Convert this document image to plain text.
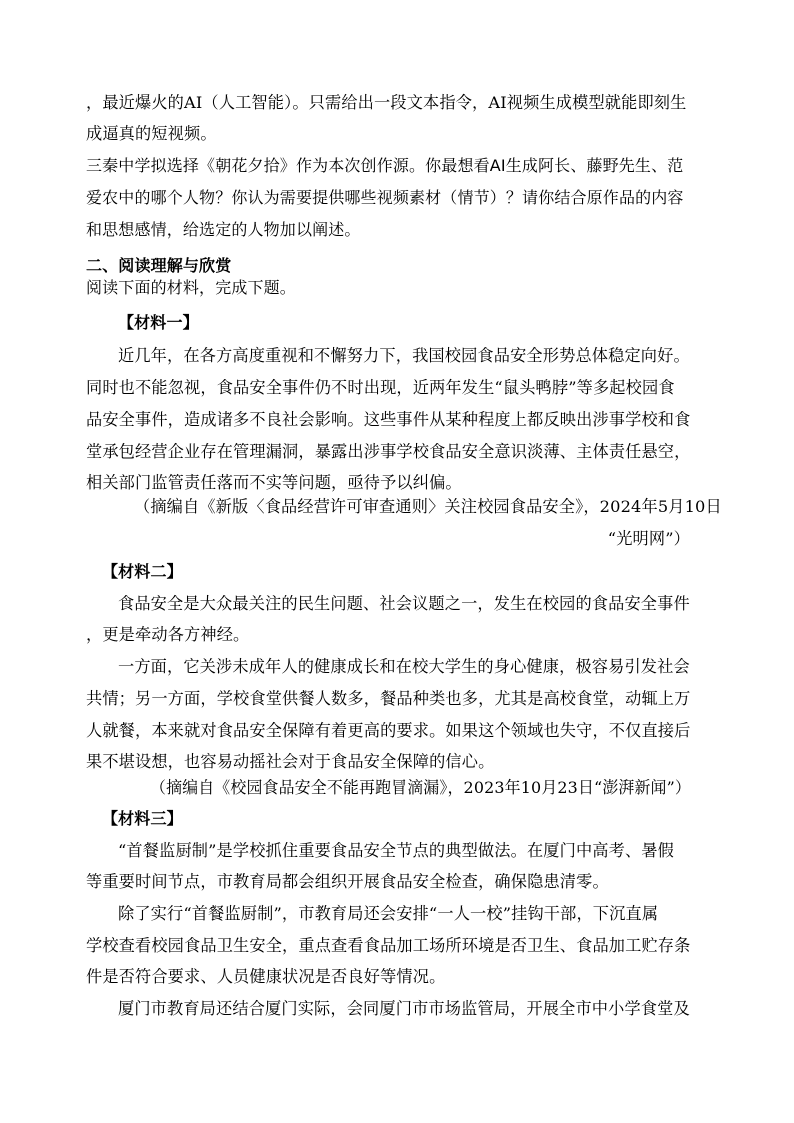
，最近爆火的AI（人工智能）。只需给出一段文本指令，AI视频生成模型就能即刻生
成逼真的短视频。
三秦中学拟选择《朝花夕拾》作为本次创作源。你最想看AI生成阿长、藤野先生、范
爱农中的哪个人物？你认为需要提供哪些视频素材（情节）？请你结合原作品的内容
和思想感情，给选定的人物加以阐述。
二、阅读理解与欣赏
阅读下面的材料，完成下题。
【材料一】
近几年，在各方高度重视和不懈努力下，我国校园食品安全形势总体稳定向好。
同时也不能忽视，食品安全事件仍不时出现，近两年发生“鼠头鸭脖”等多起校园食
品安全事件，造成诸多不良社会影响。这些事件从某种程度上都反映出涉事学校和食
堂承包经营企业存在管理漏洞，暴露出涉事学校食品安全意识淡薄、主体责任悬空，
相关部门监管责任落而不实等问题，亟待予以纠偏。
（摘编自《新版〈食品经营许可审查通则〉关注校园食品安全》，2024年5月10日
“光明网”）
【材料二】
食品安全是大众最关注的民生问题、社会议题之一，发生在校园的食品安全事件
，更是牵动各方神经。
一方面，它关涉未成年人的健康成长和在校大学生的身心健康，极容易引发社会
共情；另一方面，学校食堂供餐人数多，餐品种类也多，尤其是高校食堂，动辄上万
人就餐，本来就对食品安全保障有着更高的要求。如果这个领域也失守，不仅直接后
果不堪设想，也容易动摇社会对于食品安全保障的信心。
（摘编自《校园食品安全不能再跑冒滴漏》，2023年10月23日“澎湃新闻”）
【材料三】
“首餐监厨制”是学校抓住重要食品安全节点的典型做法。在厦门中高考、暑假
等重要时间节点，市教育局都会组织开展食品安全检查，确保隐患清零。
除了实行“首餐监厨制”，市教育局还会安排“一人一校”挂钩干部，下沉直属
学校查看校园食品卫生安全，重点查看食品加工场所环境是否卫生、食品加工贮存条
件是否符合要求、人员健康状况是否良好等情况。
厦门市教育局还结合厦门实际，会同厦门市市场监管局，开展全市中小学食堂及
